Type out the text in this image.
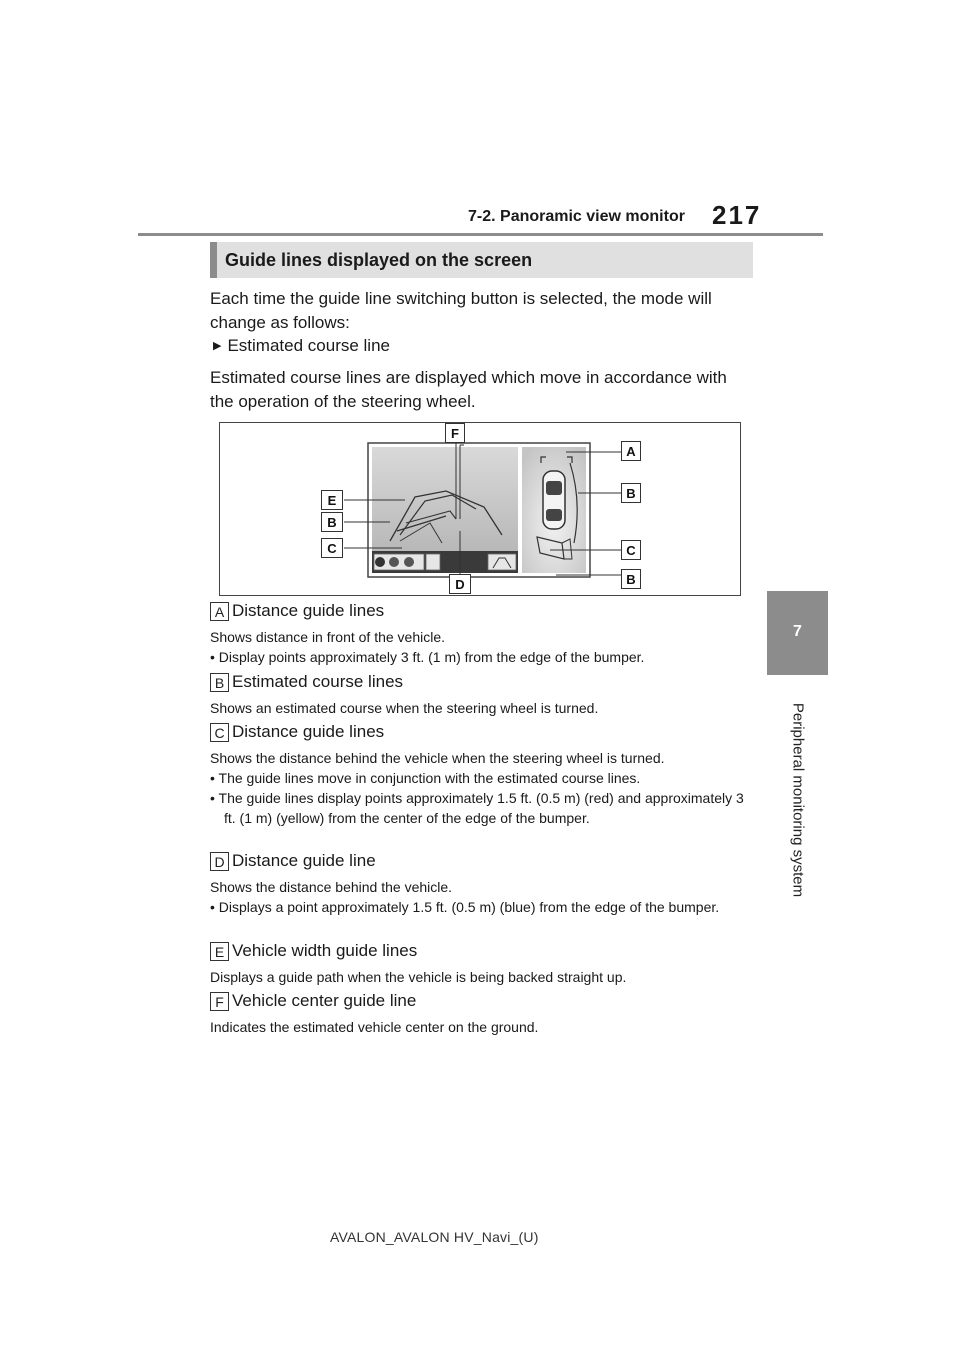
7-2. Panoramic view monitor 217
7
Peripheral monitoring system
Guide lines displayed on the screen
Each time the guide line switching button is selected, the mode will
change as follows:
▶ Estimated course line
Estimated course lines are displayed which move in accordance with
the operation of the steering wheel.
F
A
E	B
B
C	C
D	B
A Distance guide lines
Shows distance in front of the vehicle.
• Display points approximately 3 ft. (1 m) from the edge of the bumper.
B Estimated course lines
Shows an estimated course when the steering wheel is turned.
C Distance guide lines
Shows the distance behind the vehicle when the steering wheel is turned.
• The guide lines move in conjunction with the estimated course lines.
• The guide lines display points approximately 1.5 ft. (0.5 m) (red) and approximately 3 ft. (1 m) (yellow) from the center of the edge of the bumper.
D Distance guide line
Shows the distance behind the vehicle.
• Displays a point approximately 1.5 ft. (0.5 m) (blue) from the edge of the bumper.
E Vehicle width guide lines
Displays a guide path when the vehicle is being backed straight up.
F Vehicle center guide line
Indicates the estimated vehicle center on the ground.
AVALON_AVALON HV_Navi_(U)
